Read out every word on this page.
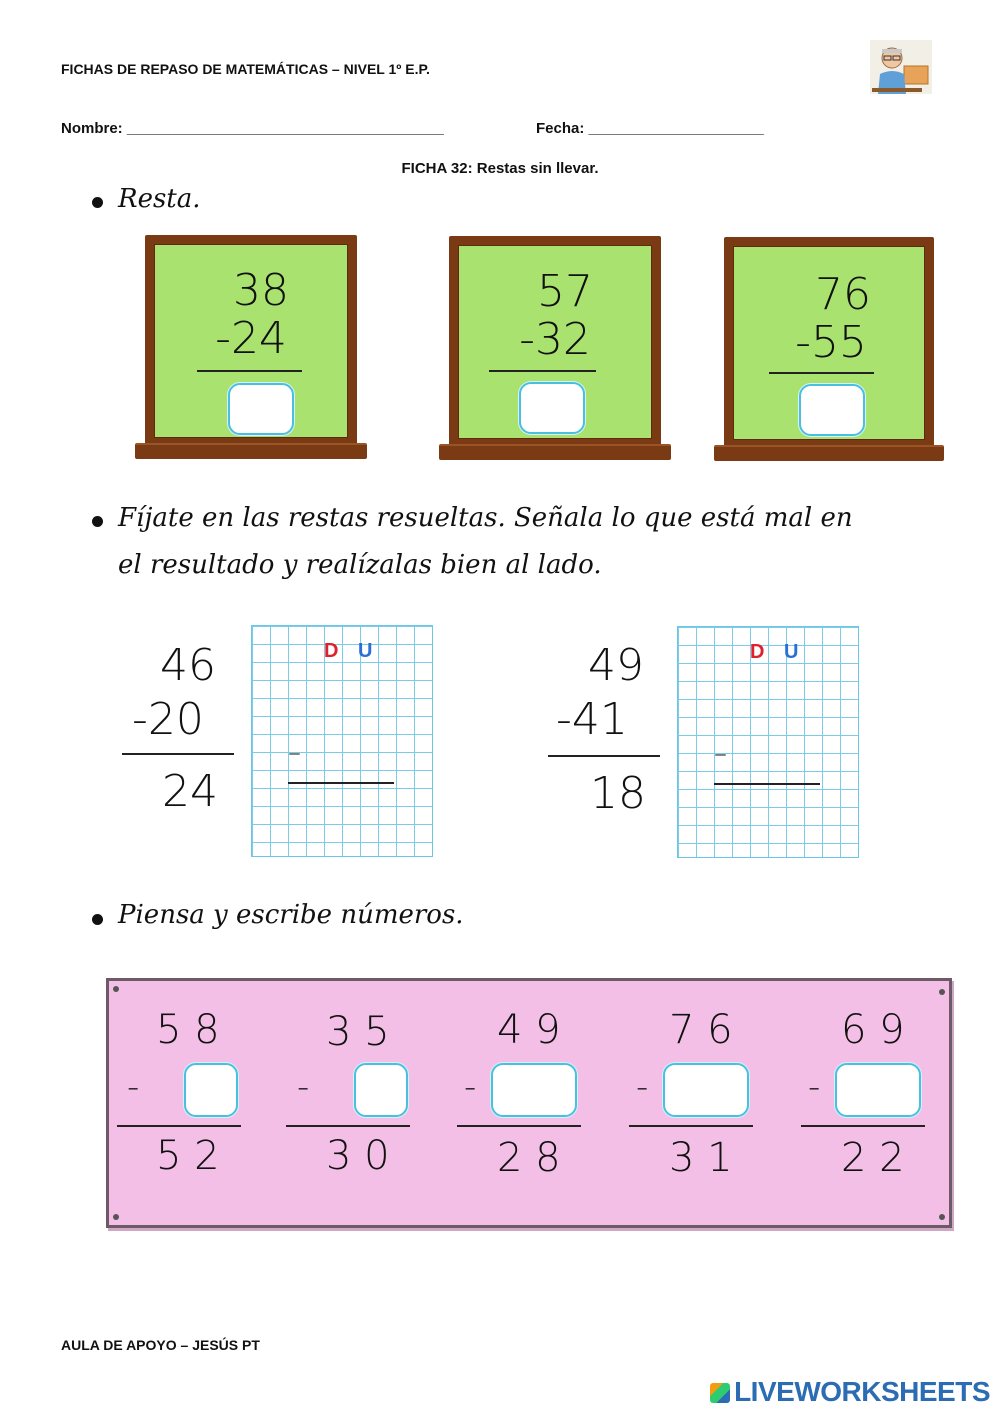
FICHAS DE REPASO DE MATEMÁTICAS – NIVEL 1º E.P.
Nombre: ______________________________________	Fecha: _____________________
FICHA 32: Restas sin llevar.
Resta.
38
-24
57
-32
76
-55
Fíjate en las restas resueltas. Señala lo que está mal en
el resultado y realízalas bien al lado.
46
-20
24
D U
–
49
-41
18
D U
–
Piensa y escribe números.
5 8
-
5 2
3 5
-
3 0
4 9
-
2 8
7 6
-
3 1
6 9
-
2 2
AULA DE APOYO – JESÚS PT
LIVEWORKSHEETS
